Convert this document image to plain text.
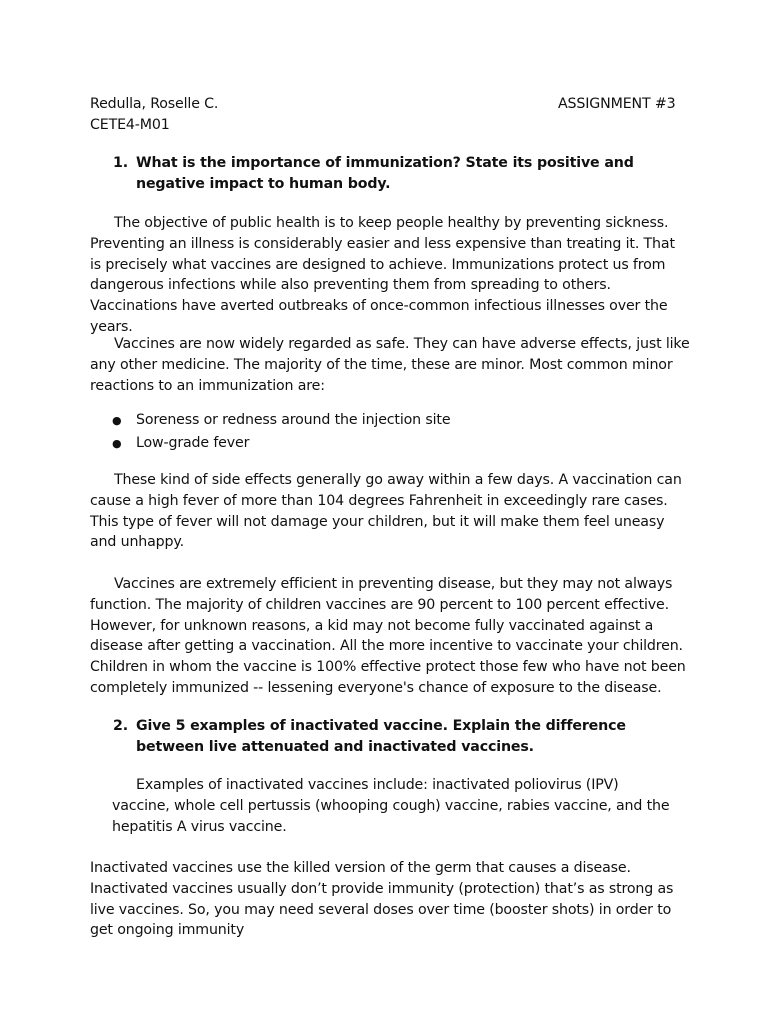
Redulla, Roselle C.
CETE4-M01
ASSIGNMENT #3
1. What is the importance of immunization? State its positive and negative impact to human body.

The objective of public health is to keep people healthy by preventing sickness. Preventing an illness is considerably easier and less expensive than treating it. That is precisely what vaccines are designed to achieve. Immunizations protect us from dangerous infections while also preventing them from spreading to others. Vaccinations have averted outbreaks of once-common infectious illnesses over the years.

Vaccines are now widely regarded as safe. They can have adverse effects, just like any other medicine. The majority of the time, these are minor. Most common minor reactions to an immunization are:

● Soreness or redness around the injection site
● Low-grade fever

These kind of side effects generally go away within a few days. A vaccination can cause a high fever of more than 104 degrees Fahrenheit in exceedingly rare cases. This type of fever will not damage your children, but it will make them feel uneasy and unhappy.

Vaccines are extremely efficient in preventing disease, but they may not always function. The majority of children vaccines are 90 percent to 100 percent effective. However, for unknown reasons, a kid may not become fully vaccinated against a disease after getting a vaccination. All the more incentive to vaccinate your children. Children in whom the vaccine is 100% effective protect those few who have not been completely immunized -- lessening everyone's chance of exposure to the disease.

2. Give 5 examples of inactivated vaccine. Explain the difference between live attenuated and inactivated vaccines.

Examples of inactivated vaccines include: inactivated poliovirus (IPV) vaccine, whole cell pertussis (whooping cough) vaccine, rabies vaccine, and the hepatitis A virus vaccine.

Inactivated vaccines use the killed version of the germ that causes a disease. Inactivated vaccines usually don’t provide immunity (protection) that’s as strong as live vaccines. So, you may need several doses over time (booster shots) in order to get ongoing immunity
